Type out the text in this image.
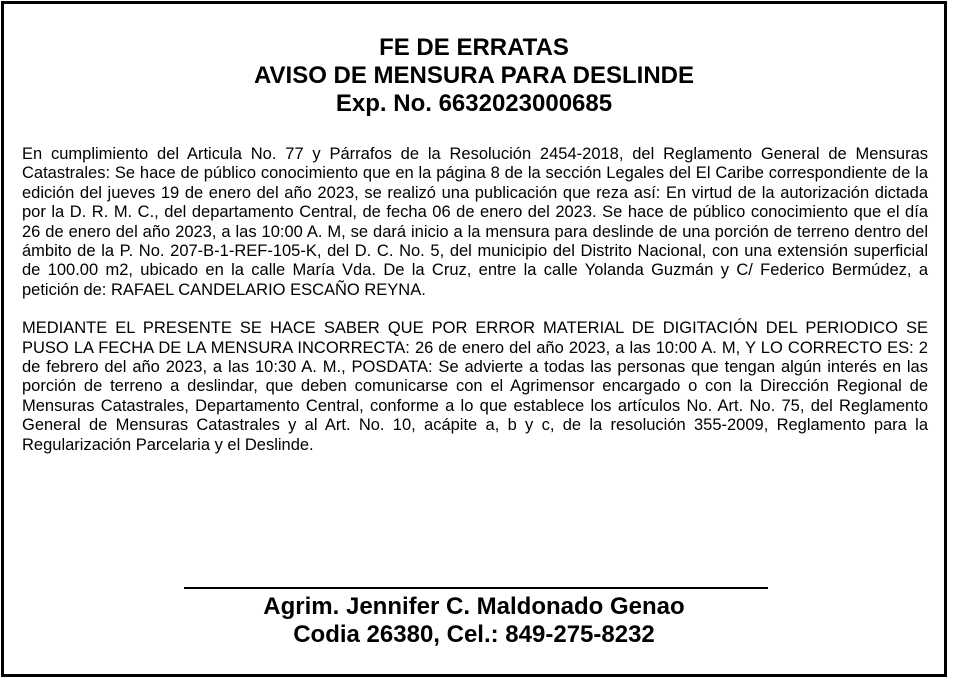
FE DE ERRATAS
AVISO DE MENSURA PARA DESLINDE
Exp. No. 6632023000685

En cumplimiento del Articula No. 77 y Párrafos de la Resolución 2454-2018, del Reglamento General de Mensuras Catastrales: Se hace de público conocimiento que en la página 8 de la sección Legales del El Caribe correspondiente de la edición del jueves 19 de enero del año 2023, se realizó una publicación que reza así: En virtud de la autorización dictada por la D. R. M. C., del departamento Central, de fecha 06 de enero del 2023. Se hace de público conocimiento que el día 26 de enero del año 2023, a las 10:00 A. M, se dará inicio a la mensura para deslinde de una porción de terreno dentro del ámbito de la P. No. 207-B-1-REF-105-K, del D. C. No. 5, del municipio del Distrito Nacional, con una extensión superficial de 100.00 m2, ubicado en la calle María Vda. De la Cruz, entre la calle Yolanda Guzmán y C/ Federico Bermúdez, a petición de: RAFAEL CANDELARIO ESCAÑO REYNA.

MEDIANTE EL PRESENTE SE HACE SABER QUE POR ERROR MATERIAL DE DIGITACIÓN DEL PERIODICO SE PUSO LA FECHA DE LA MENSURA INCORRECTA: 26 de enero del año 2023, a las 10:00 A. M, Y LO CORRECTO ES: 2 de febrero del año 2023, a las 10:30 A. M., POSDATA: Se advierte a todas las personas que tengan algún interés en las porción de terreno a deslindar, que deben comunicarse con el Agrimensor encargado o con la Dirección Regional de Mensuras Catastrales, Departamento Central, conforme a lo que establece los artículos No. Art. No. 75, del Reglamento General de Mensuras Catastrales y al Art. No. 10, acápite a, b y c, de la resolución 355-2009, Reglamento para la Regularización Parcelaria y el Deslinde.

Agrim. Jennifer C. Maldonado Genao
Codia 26380, Cel.: 849-275-8232
